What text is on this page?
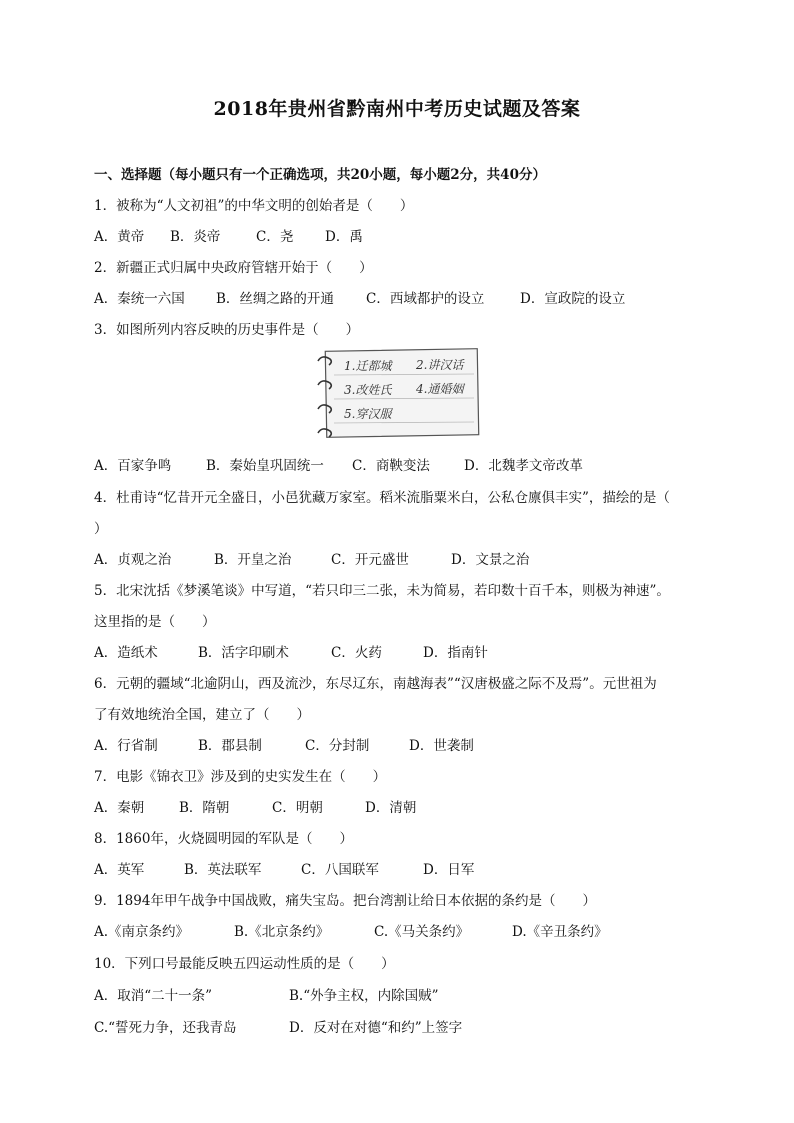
2018年贵州省黔南州中考历史试题及答案
一、选择题（每小题只有一个正确选项，共20小题，每小题2分，共40分）
1．被称为“人文初祖”的中华文明的创始者是（　　）
A．黄帝 B．炎帝	C．尧 D．禹
2．新疆正式归属中央政府管辖开始于（　　）
A．秦统一六国 B．丝绸之路的开通 C．西域都护的设立	D．宣政院的设立
3．如图所列内容反映的历史事件是（　　）
1.迁都城 2.讲汉话
3.改姓氏 4.通婚姻
5.穿汉服
A．百家争鸣	B．秦始皇巩固统一 C．商鞅变法	D．北魏孝文帝改革
4．杜甫诗“忆昔开元全盛日，小邑犹藏万家室。稻米流脂粟米白，公私仓廪俱丰实”，描绘的是（
）
A．贞观之治	B．开皇之治	C．开元盛世	D．文景之治
5．北宋沈括《梦溪笔谈》中写道，“若只印三二张，未为简易，若印数十百千本，则极为神速”。
这里指的是（　　）
A．造纸术	B．活字印刷术	C．火药	D．指南针
6．元朝的疆域“北逾阴山，西及流沙，东尽辽东，南越海表”“汉唐极盛之际不及焉”。元世祖为
了有效地统治全国，建立了（　　）
A．行省制	B．郡县制	C．分封制	D．世袭制
7．电影《锦衣卫》涉及到的史实发生在（　　）
A．秦朝	B．隋朝	C．明朝	D．清朝
8．1860年，火烧圆明园的军队是（　　）
A．英军	B．英法联军	C．八国联军	D．日军
9．1894年甲午战争中国战败，痛失宝岛。把台湾割让给日本依据的条约是（　　）
A.《南京条约》	B.《北京条约》	C.《马关条约》	D.《辛丑条约》
10．下列口号最能反映五四运动性质的是（　　）
A．取消“二十一条”	B.“外争主权，内除国贼”
C.“誓死力争，还我青岛	D．反对在对德“和约”上签字
